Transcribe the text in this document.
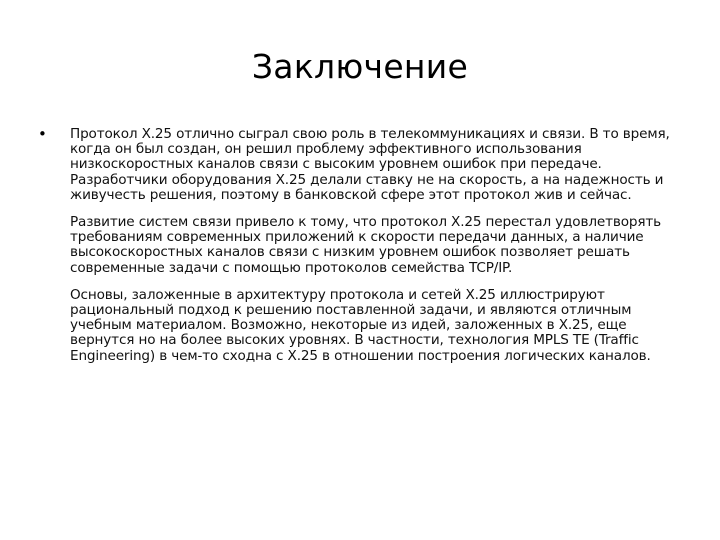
Заключение
•	Протокол Х.25 отлично сыграл свою роль в телекоммуникациях и связи. В то время, когда он был создан, он решил проблему эффективного использования низкоскоростных каналов связи с высоким уровнем ошибок при передаче. Разработчики оборудования Х.25 делали ставку не на скорость, а на надежность и живучесть решения, поэтому в банковской сфере этот протокол жив и сейчас.

Развитие систем связи привело к тому, что протокол Х.25 перестал удовлетворять требованиям современных приложений к скорости передачи данных, а наличие высокоскоростных каналов связи с низким уровнем ошибок позволяет решать современные задачи с помощью протоколов семейства TCP/IP.

Основы, заложенные в архитектуру протокола и сетей Х.25 иллюстрируют рациональный подход к решению поставленной задачи, и являются отличным учебным материалом. Возможно, некоторые из идей, заложенных в Х.25, еще вернутся но на более высоких уровнях. В частности, технология MPLS TE (Traffic Engineering) в чем-то сходна с Х.25 в отношении построения логических каналов.
